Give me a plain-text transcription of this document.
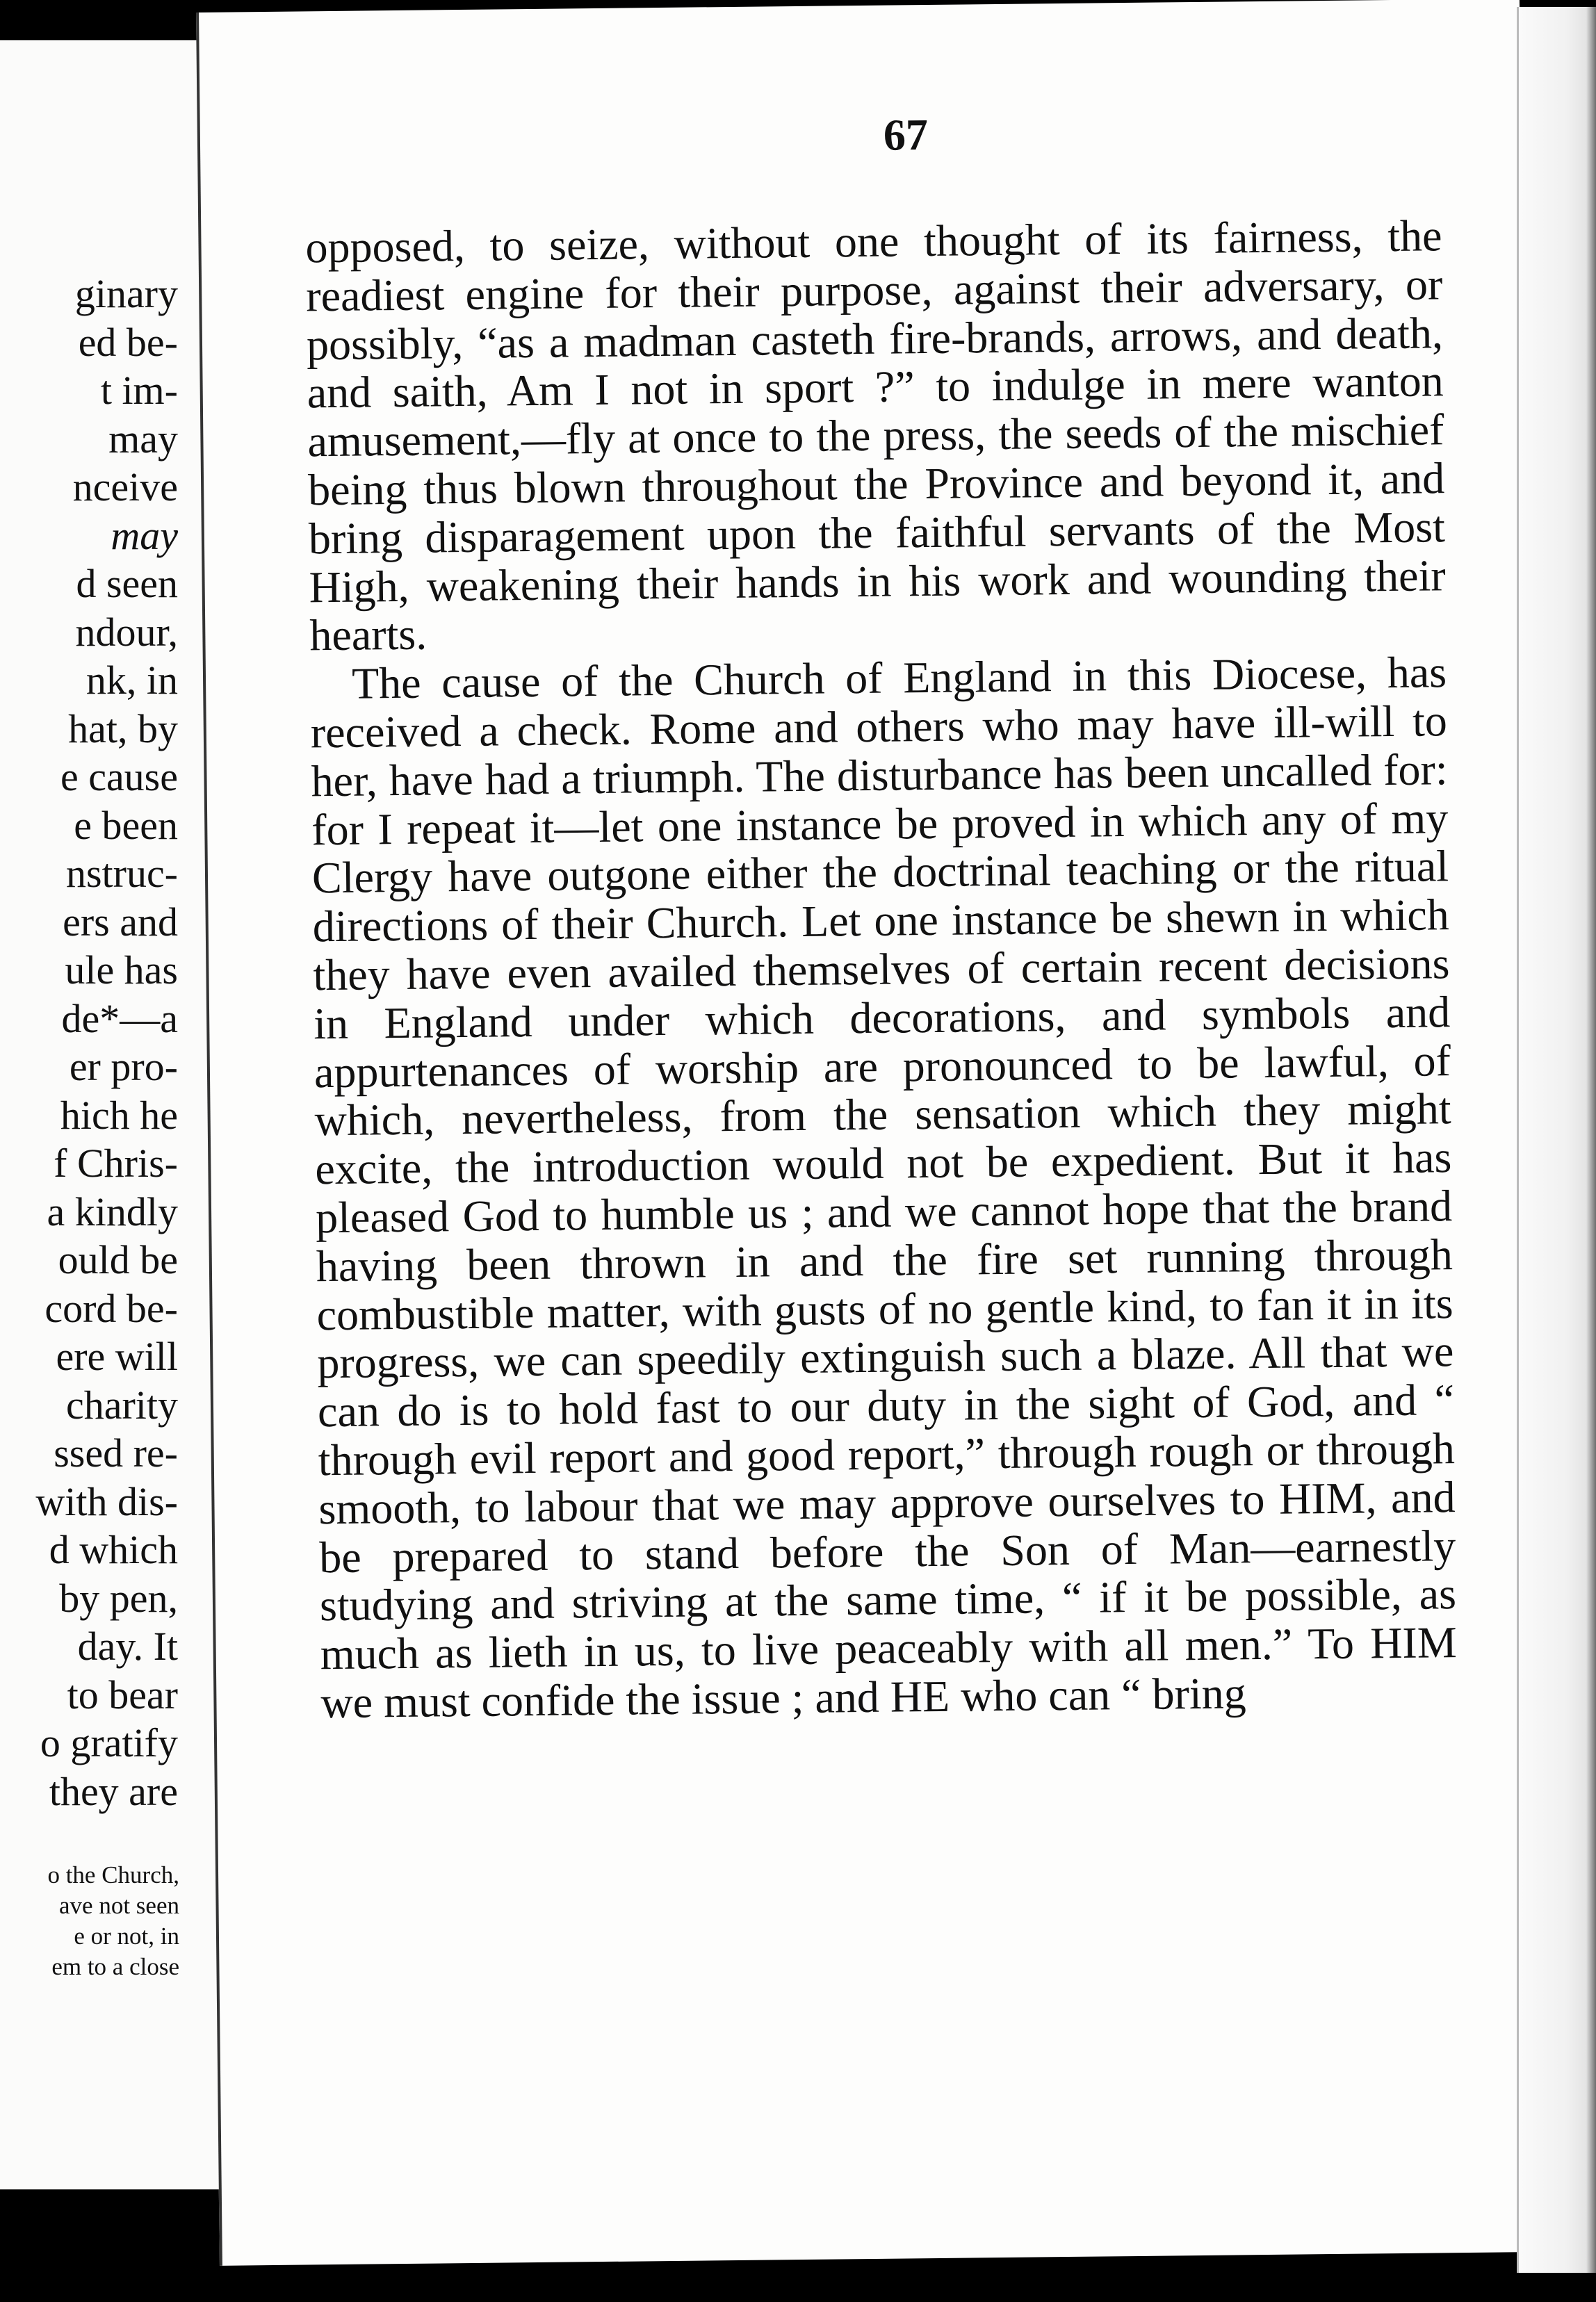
ginary
ed be-
t im-
may
nceive
may
d seen
ndour,
nk, in
hat, by
e cause
e been
nstruc-
ers and
ule has
de*—a
er pro-
hich he
f Chris-
a kindly
ould be
cord be-
ere will
charity
ssed re-
with dis-
d which
by pen,
day. It
to bear
o gratify
they are
o the Church,
ave not seen
e or not, in
em to a close
67

opposed, to seize, without one thought of its fairness, the readiest engine for their purpose, against their adversary, or possibly, “as a madman casteth fire-brands, arrows, and death, and saith, Am I not in sport ?” to indulge in mere wanton amusement,—fly at once to the press, the seeds of the mischief being thus blown throughout the Province and beyond it, and bring disparagement upon the faithful servants of the Most High, weakening their hands in his work and wounding their hearts.

The cause of the Church of England in this Diocese, has received a check. Rome and others who may have ill-will to her, have had a triumph. The disturbance has been uncalled for: for I repeat it—let one instance be proved in which any of my Clergy have outgone either the doctrinal teaching or the ritual directions of their Church. Let one instance be shewn in which they have even availed themselves of certain recent decisions in England under which decorations, and symbols and appurtenances of worship are pronounced to be lawful, of which, nevertheless, from the sensation which they might excite, the introduction would not be expedient. But it has pleased God to humble us ; and we cannot hope that the brand having been thrown in and the fire set running through combustible matter, with gusts of no gentle kind, to fan it in its progress, we can speedily extinguish such a blaze. All that we can do is to hold fast to our duty in the sight of God, and “ through evil report and good report,” through rough or through smooth, to labour that we may approve ourselves to HIM, and be prepared to stand before the Son of Man—earnestly studying and striving at the same time, “ if it be possible, as much as lieth in us, to live peaceably with all men.” To HIM we must confide the issue ; and HE who can “ bring
